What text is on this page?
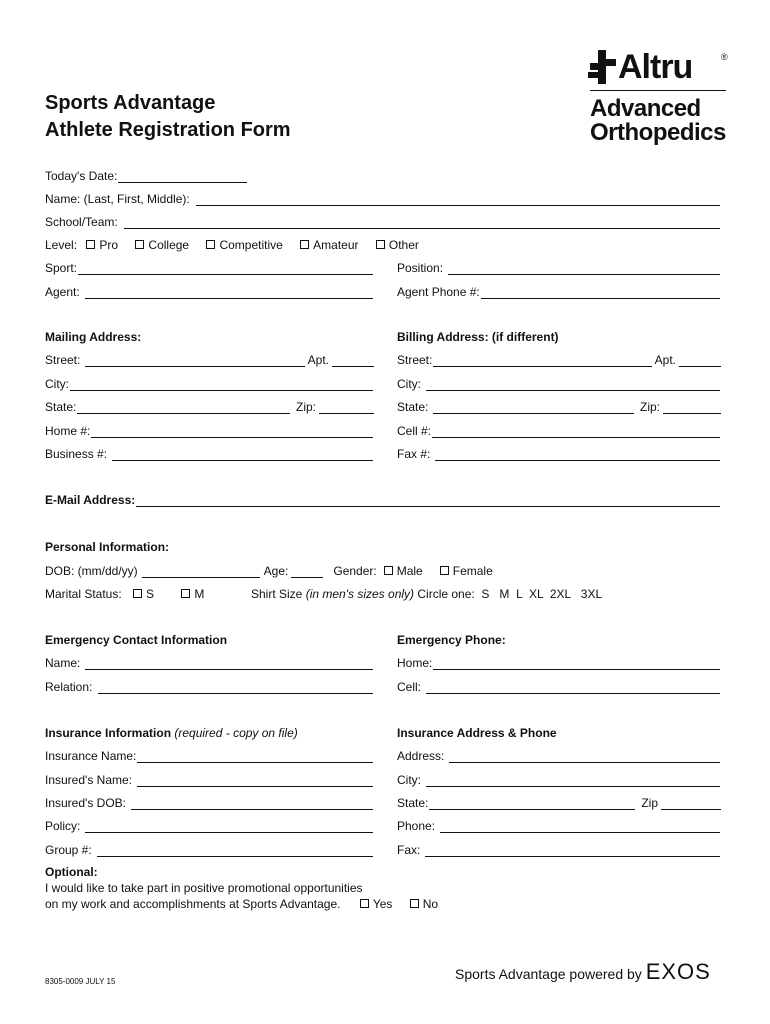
Sports Advantage
Athlete Registration Form
Altru	®
Advanced
Orthopedics
Today's Date:
Name: (Last, First, Middle):
School/Team:
Level: Pro	College	Competitive	Amateur	Other
Sport:	Position:
Agent:	Agent Phone #:
Mailing Address:	Billing Address: (if different)
Street:	Apt.	Street:	Apt.
City:	City:
State:	Zip:	State:	Zip:
Home #:	Cell #:
Business #:	Fax #:
E-Mail Address:
Personal Information:
DOB: (mm/dd/yy)	Age:	Gender:	Male	Female
Marital Status: S	M	Shirt Size (in men's sizes only) Circle one:  S   M  L  XL  2XL   3XL
Emergency Contact Information	Emergency Phone:
Name:	Home:
Relation:	Cell:
Insurance Information (required - copy on file)	Insurance Address & Phone
Insurance Name:	Address:
Insured's Name:	City:
Insured's DOB:	State:	Zip
Policy:	Phone:
Group #:	Fax:
Optional:
I would like to take part in positive promotional opportunities
on my work and accomplishments at Sports Advantage.	Yes	No
8305-0009 JULY 15	Sports Advantage powered by EXOS
